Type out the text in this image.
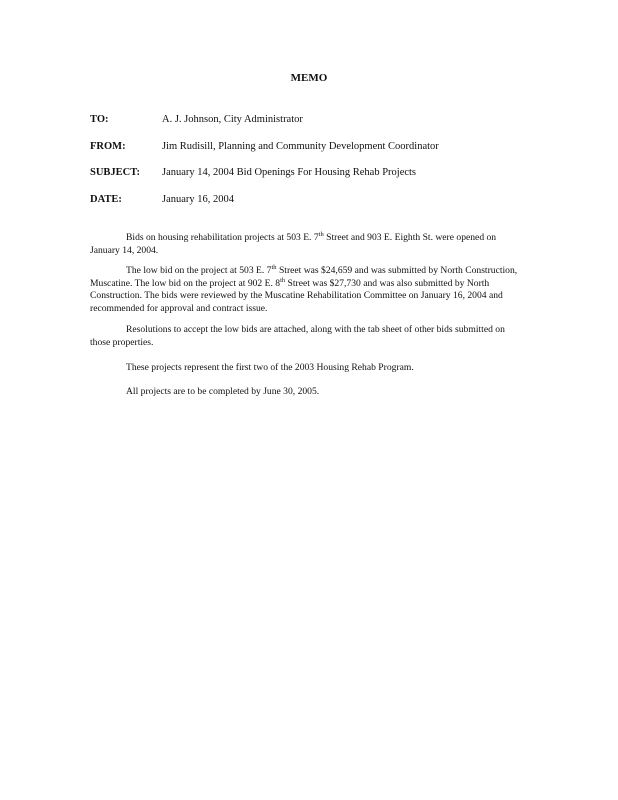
MEMO
TO:	A. J. Johnson, City Administrator
FROM:	Jim Rudisill, Planning and Community Development Coordinator
SUBJECT: January 14, 2004 Bid Openings For Housing Rehab Projects
DATE:	January 16, 2004
Bids on housing rehabilitation projects at 503 E. 7th Street and 903 E. Eighth St. were opened on January 14, 2004.
The low bid on the project at 503 E. 7th Street was $24,659 and was submitted by North Construction, Muscatine. The low bid on the project at 902 E. 8th Street was $27,730 and was also submitted by North Construction. The bids were reviewed by the Muscatine Rehabilitation Committee on January 16, 2004 and recommended for approval and contract issue.
Resolutions to accept the low bids are attached, along with the tab sheet of other bids submitted on those properties.
These projects represent the first two of the 2003 Housing Rehab Program.
All projects are to be completed by June 30, 2005.
